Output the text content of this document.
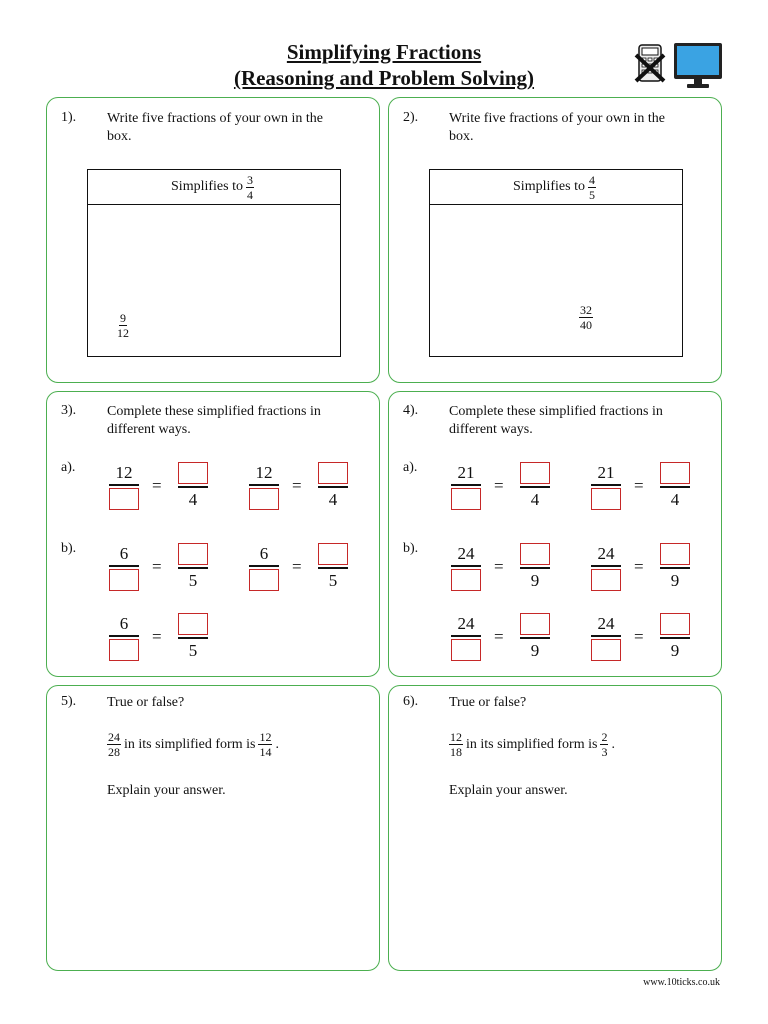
Simplifying Fractions
(Reasoning and Problem Solving)
1). Write five fractions of your own in the box.
Simplifies to 3
4
9
12
2). Write five fractions of your own in the box.
Simplifies to 4
5
32
40
3). Complete these simplified fractions in different ways.
a).	12
=
4
12
=
4
b).	6
=
5
6
=
5
6
=
5
4). Complete these simplified fractions in different ways.
a).	21
=
4
21
=
4
b).	24
=
9
24
=
9
24
=
9
24
=
9
5). True or false?
24
28
in its simplified form is 12
14
.
Explain your answer.
6). True or false?
12
18
in its simplified form is 2
3
.
Explain your answer.
www.10ticks.co.uk
